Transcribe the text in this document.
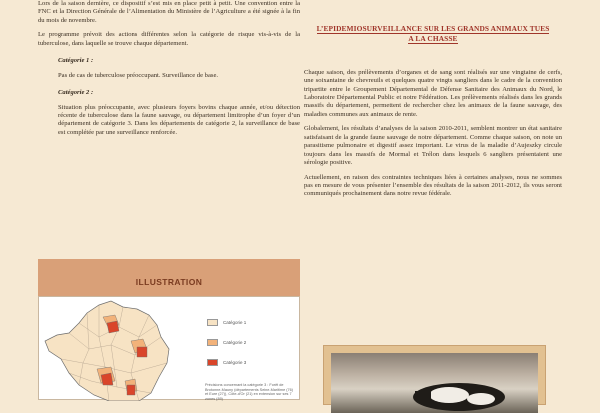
Lors de la saison dernière, ce dispositif s’est mis en place petit à petit. Une convention entre la FNC et la Direction Générale de l’Alimentation du Ministère de l’Agriculture a été signée à la fin du mois de novembre.

Le programme prévoit des actions différentes selon la catégorie de risque vis-à-vis de la tuberculose, dans laquelle se trouve chaque département.

Catégorie 1 :

Pas de cas de tuberculose préoccupant. Surveillance de base.

Catégorie 2 :

Situation plus préoccupante, avec plusieurs foyers bovins chaque année, et/ou détection récente de tuberculose dans la faune sauvage, ou département limitrophe d’un foyer d’un département de catégorie 3. Dans les départements de catégorie 2, la surveillance de base est complétée par une surveillance renforcée.

ILLUSTRATION
Catégorie 1
Catégorie 2
Catégorie 3
Précisions concernant la catégorie 3 : Forêt de Brotonne-Mauny (départements Seine-Maritime (76) et Eure (27)), Côte-d'Or (21) en extension sur ses 7 zones (89)
L’EPIDEMIOSURVEILLANCE SUR LES GRANDS ANIMAUX TUES A LA CHASSE

Chaque saison, des prélèvements d’organes et de sang sont réalisés sur une vingtaine de cerfs, une soixantaine de chevreuils et quelques quatre vingts sangliers dans le cadre de la convention tripartite entre le Groupement Départemental de Défense Sanitaire des Animaux du Nord, le Laboratoire Départemental Public et notre Fédération. Les prélèvements réalisés dans les grands massifs du département, permettent de rechercher chez les animaux de la faune sauvage, des maladies communes aux animaux de rente.

Globalement, les résultats d’analyses de la saison 2010-2011, semblent montrer un état sanitaire satisfaisant de la grande faune sauvage de notre département. Comme chaque saison, on note un parasitisme pulmonaire et digestif assez important. Le virus de la maladie d’Aujeszky circule toujours dans les massifs de Mormal et Trélon dans lesquels 6 sangliers présentaient une sérologie positive.

Actuellement, en raison des contraintes techniques liées à certaines analyses, nous ne sommes pas en mesure de vous présenter l’ensemble des résultats de la saison 2011-2012, ils vous seront communiqués prochainement dans notre revue fédérale.
